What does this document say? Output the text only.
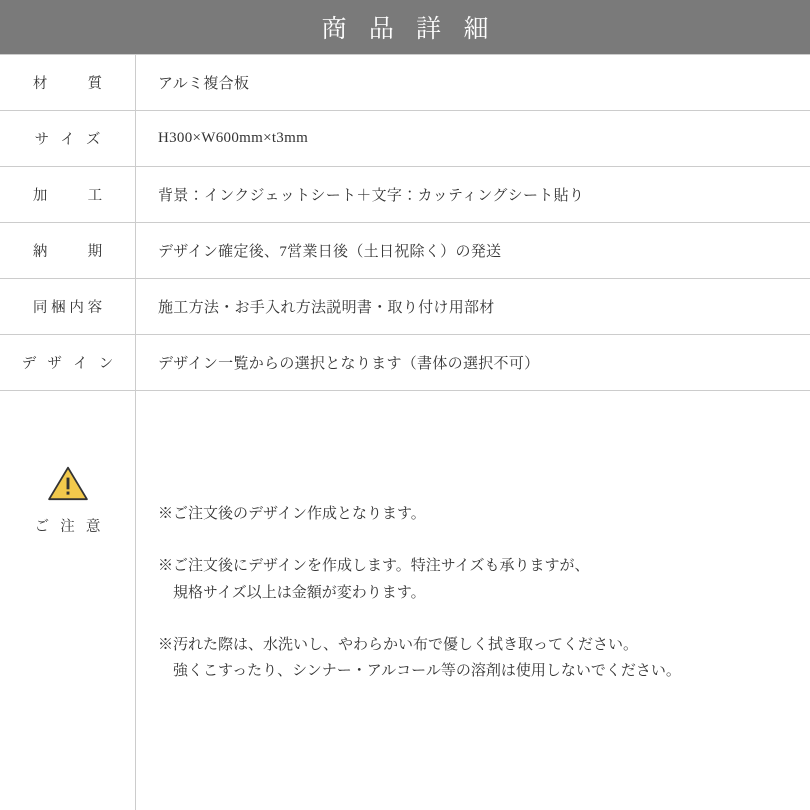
商 品 詳 細
材　　質	アルミ複合板
サ イ ズ	H300×W600mm×t3mm
加　　工	背景：インクジェットシート＋文字：カッティングシート貼り
納　　期	デザイン確定後、7営業日後（土日祝除く）の発送
同梱内容	施工方法・お手入れ方法説明書・取り付け用部材
デ ザ イ ン	デザイン一覧からの選択となります（書体の選択不可）
ご 注 意

※ご注文後のデザイン作成となります。

※ご注文後にデザインを作成します。特注サイズも承りますが、
規格サイズ以上は金額が変わります。

※汚れた際は、水洗いし、やわらかい布で優しく拭き取ってください。
強くこすったり、シンナー・アルコール等の溶剤は使用しないでください。
